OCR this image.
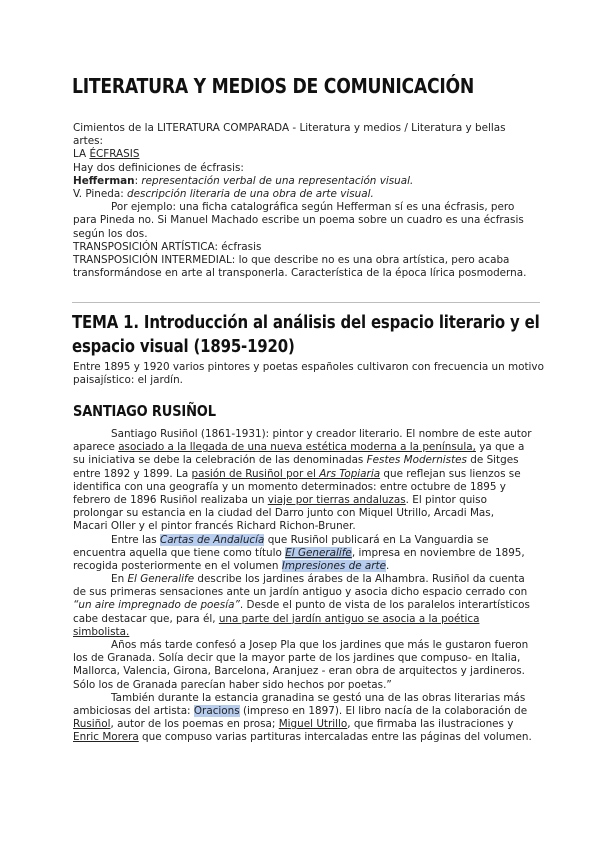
LITERATURA Y MEDIOS DE COMUNICACIÓN
Cimientos de la LITERATURA COMPARADA - Literatura y medios / Literatura y bellas
artes:
LA ÉCFRASIS
Hay dos definiciones de écfrasis:
Hefferman: representación verbal de una representación visual.
V. Pineda: descripción literaria de una obra de arte visual.
Por ejemplo: una ficha catalográfica según Hefferman sí es una écfrasis, pero
para Pineda no. Si Manuel Machado escribe un poema sobre un cuadro es una écfrasis
según los dos.
TRANSPOSICIÓN ARTÍSTICA: écfrasis
TRANSPOSICIÓN INTERMEDIAL: lo que describe no es una obra artística, pero acaba
transformándose en arte al transponerla. Característica de la época lírica posmoderna.
TEMA 1. Introducción al análisis del espacio literario y el
espacio visual (1895-1920)
Entre 1895 y 1920 varios pintores y poetas españoles cultivaron con frecuencia un motivo
paisajístico: el jardín.
SANTIAGO RUSIÑOL
Santiago Rusiñol (1861-1931): pintor y creador literario. El nombre de este autor
aparece asociado a la llegada de una nueva estética moderna a la península, ya que a
su iniciativa se debe la celebración de las denominadas Festes Modernistes de Sitges
entre 1892 y 1899. La pasión de Rusiñol por el Ars Topiaria que reflejan sus lienzos se
identifica con una geografía y un momento determinados: entre octubre de 1895 y
febrero de 1896 Rusiñol realizaba un viaje por tierras andaluzas. El pintor quiso
prolongar su estancia en la ciudad del Darro junto con Miquel Utrillo, Arcadi Mas,
Macari Oller y el pintor francés Richard Richon-Bruner.
Entre las Cartas de Andalucía que Rusiñol publicará en La Vanguardia se
encuentra aquella que tiene como título El Generalife, impresa en noviembre de 1895,
recogida posteriormente en el volumen Impresiones de arte.
En El Generalife describe los jardines árabes de la Alhambra. Rusiñol da cuenta
de sus primeras sensaciones ante un jardín antiguo y asocia dicho espacio cerrado con
“un aire impregnado de poesía”. Desde el punto de vista de los paralelos interartísticos
cabe destacar que, para él, una parte del jardín antiguo se asocia a la poética
simbolista.
Años más tarde confesó a Josep Pla que los jardines que más le gustaron fueron
los de Granada. Solía decir que la mayor parte de los jardines que compuso- en Italia,
Mallorca, Valencia, Girona, Barcelona, Aranjuez - eran obra de arquitectos y jardineros.
Sólo los de Granada parecían haber sido hechos por poetas.”
También durante la estancia granadina se gestó una de las obras literarias más
ambiciosas del artista: Oracions (impreso en 1897). El libro nacía de la colaboración de
Rusiñol, autor de los poemas en prosa; Miguel Utrillo, que firmaba las ilustraciones y
Enric Morera que compuso varias partituras intercaladas entre las páginas del volumen.
